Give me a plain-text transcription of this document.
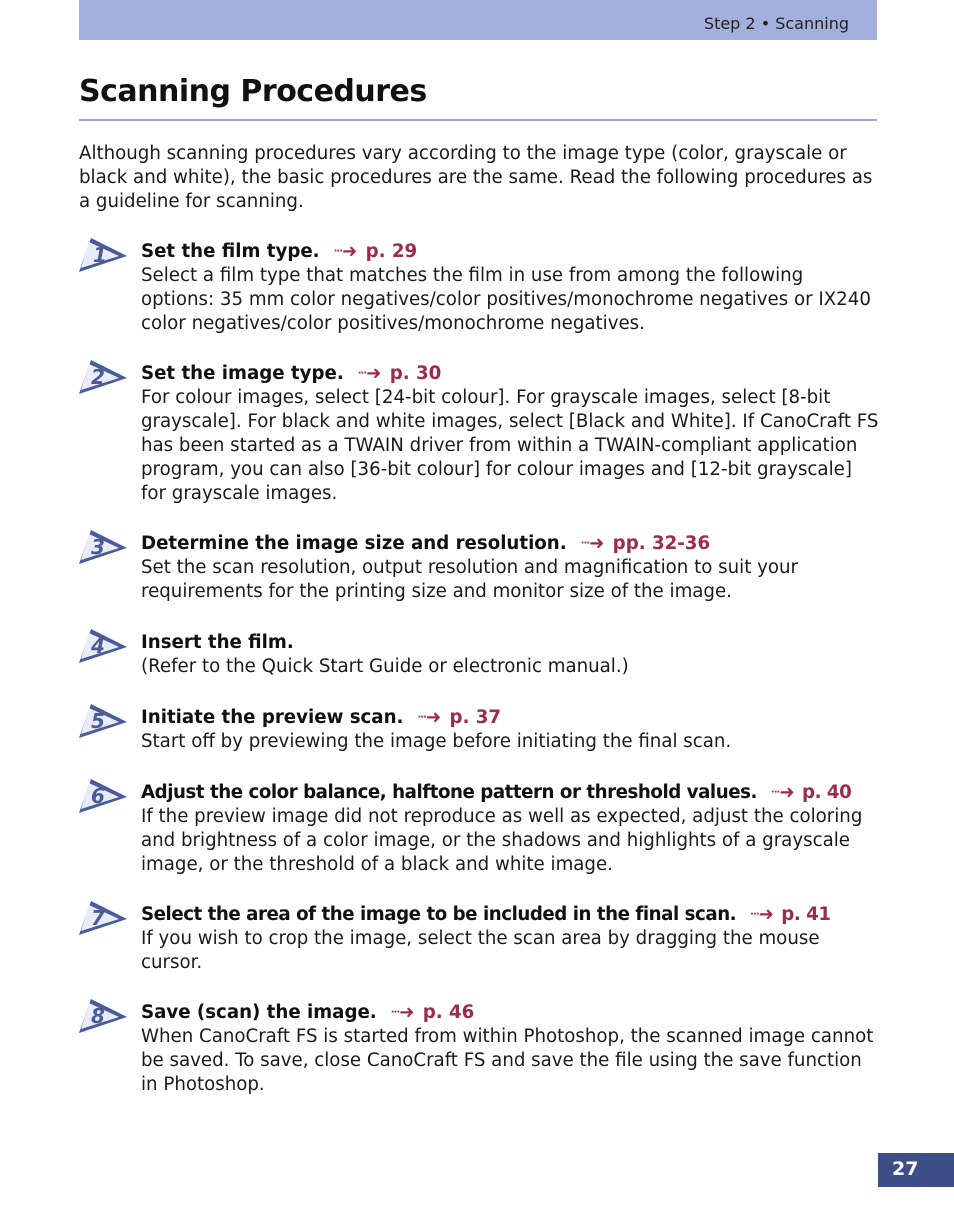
Step 2 • Scanning
Scanning Procedures

Although scanning procedures vary according to the image type (color, grayscale or black and white), the basic procedures are the same. Read the following procedures as a guideline for scanning.

1 Set the film type. ···➜ p. 29

Select a film type that matches the film in use from among the following options: 35 mm color negatives/color positives/monochrome negatives or IX240 color negatives/color positives/monochrome negatives.

2 Set the image type. ···➜ p. 30

For colour images, select [24-bit colour]. For grayscale images, select [8-bit grayscale]. For black and white images, select [Black and White]. If CanoCraft FS has been started as a TWAIN driver from within a TWAIN-compliant application program, you can also [36-bit colour] for colour images and [12-bit grayscale] for grayscale images.

3 Determine the image size and resolution. ···➜ pp. 32-36

Set the scan resolution, output resolution and magnification to suit your requirements for the printing size and monitor size of the image.

4 Insert the film.

(Refer to the Quick Start Guide or electronic manual.)

5 Initiate the preview scan. ···➜ p. 37

Start off by previewing the image before initiating the final scan.

6 Adjust the color balance, halftone pattern or threshold values. ···➜ p. 40

If the preview image did not reproduce as well as expected, adjust the coloring and brightness of a color image, or the shadows and highlights of a grayscale image, or the threshold of a black and white image.

7 Select the area of the image to be included in the final scan. ···➜ p. 41

If you wish to crop the image, select the scan area by dragging the mouse cursor.

8 Save (scan) the image. ···➜ p. 46

When CanoCraft FS is started from within Photoshop, the scanned image cannot be saved. To save, close CanoCraft FS and save the file using the save function in Photoshop.

27
